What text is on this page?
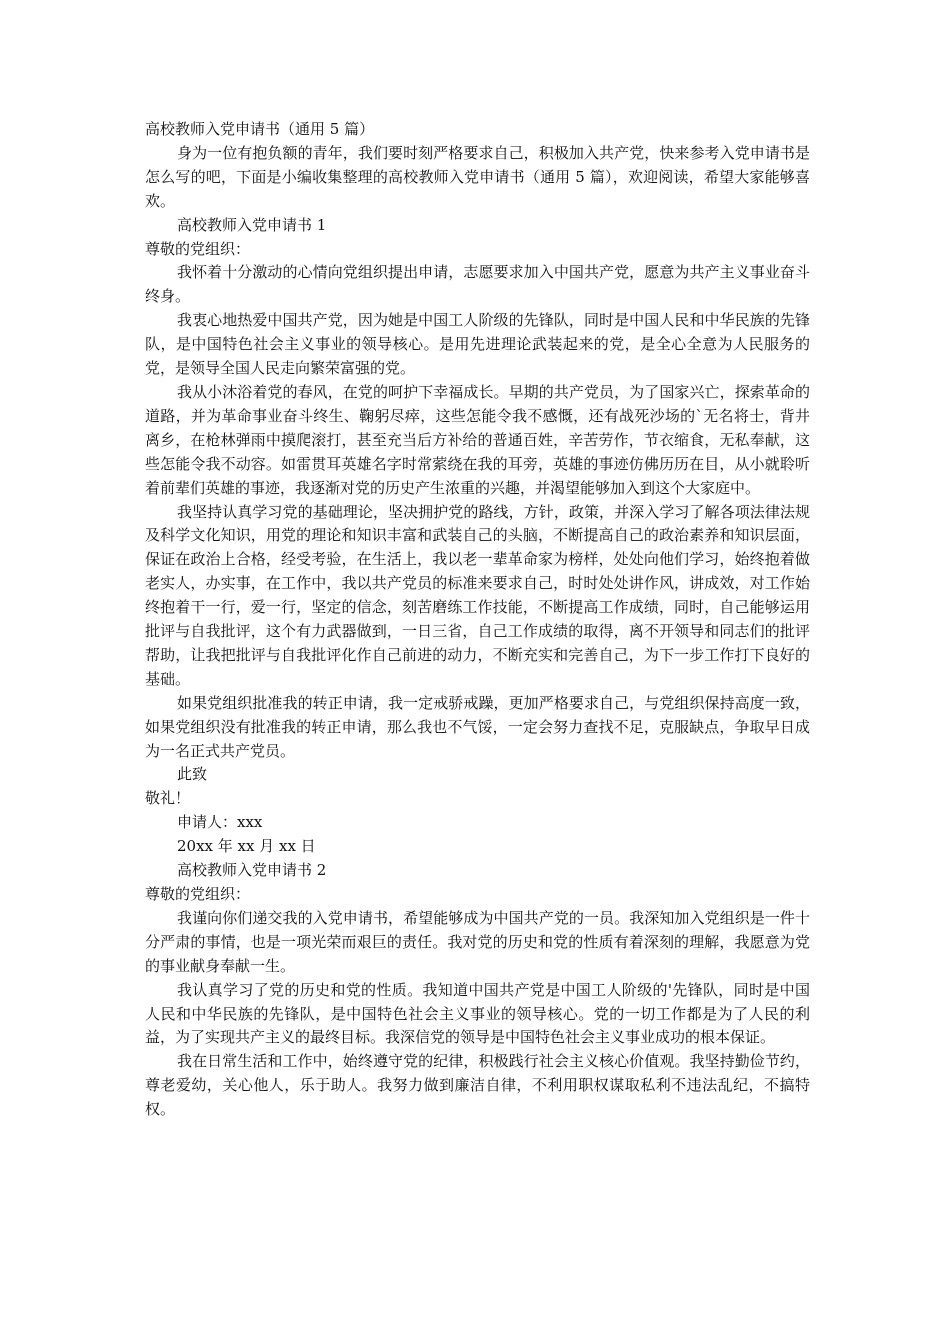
高校教师入党申请书（通用 5 篇）

身为一位有抱负额的青年，我们要时刻严格要求自己，积极加入共产党，快来参考入党申请书是怎么写的吧，下面是小编收集整理的高校教师入党申请书（通用 5 篇），欢迎阅读，希望大家能够喜欢。

高校教师入党申请书 1

尊敬的党组织：

我怀着十分激动的心情向党组织提出申请，志愿要求加入中国共产党，愿意为共产主义事业奋斗终身。

我衷心地热爱中国共产党，因为她是中国工人阶级的先锋队，同时是中国人民和中华民族的先锋队，是中国特色社会主义事业的领导核心。是用先进理论武装起来的党，是全心全意为人民服务的党，是领导全国人民走向繁荣富强的党。

我从小沐浴着党的春风，在党的呵护下幸福成长。早期的共产党员，为了国家兴亡，探索革命的道路，并为革命事业奋斗终生、鞠躬尽瘁，这些怎能令我不感慨，还有战死沙场的`无名将士，背井离乡，在枪林弹雨中摸爬滚打，甚至充当后方补给的普通百姓，辛苦劳作，节衣缩食，无私奉献，这些怎能令我不动容。如雷贯耳英雄名字时常萦绕在我的耳旁，英雄的事迹仿佛历历在目，从小就聆听着前辈们英雄的事迹，我逐渐对党的历史产生浓重的兴趣，并渴望能够加入到这个大家庭中。

我坚持认真学习党的基础理论，坚决拥护党的路线，方针，政策，并深入学习了解各项法律法规及科学文化知识，用党的理论和知识丰富和武装自己的头脑，不断提高自己的政治素养和知识层面，保证在政治上合格，经受考验，在生活上，我以老一辈革命家为榜样，处处向他们学习，始终抱着做老实人，办实事，在工作中，我以共产党员的标准来要求自己，时时处处讲作风，讲成效，对工作始终抱着干一行，爱一行，坚定的信念，刻苦磨练工作技能，不断提高工作成绩，同时，自己能够运用批评与自我批评，这个有力武器做到，一日三省，自己工作成绩的取得，离不开领导和同志们的批评帮助，让我把批评与自我批评化作自己前进的动力，不断充实和完善自己，为下一步工作打下良好的基础。

如果党组织批准我的转正申请，我一定戒骄戒躁，更加严格要求自己，与党组织保持高度一致，如果党组织没有批准我的转正申请，那么我也不气馁，一定会努力查找不足，克服缺点，争取早日成为一名正式共产党员。

此致

敬礼！

申请人：xxx

20xx 年 xx 月 xx 日

高校教师入党申请书 2

尊敬的党组织：

我谨向你们递交我的入党申请书，希望能够成为中国共产党的一员。我深知加入党组织是一件十分严肃的事情，也是一项光荣而艰巨的责任。我对党的历史和党的性质有着深刻的理解，我愿意为党的事业献身奉献一生。

我认真学习了党的历史和党的性质。我知道中国共产党是中国工人阶级的'先锋队，同时是中国人民和中华民族的先锋队，是中国特色社会主义事业的领导核心。党的一切工作都是为了人民的利益，为了实现共产主义的最终目标。我深信党的领导是中国特色社会主义事业成功的根本保证。

我在日常生活和工作中，始终遵守党的纪律，积极践行社会主义核心价值观。我坚持勤俭节约，尊老爱幼，关心他人，乐于助人。我努力做到廉洁自律，不利用职权谋取私利不违法乱纪，不搞特权。
